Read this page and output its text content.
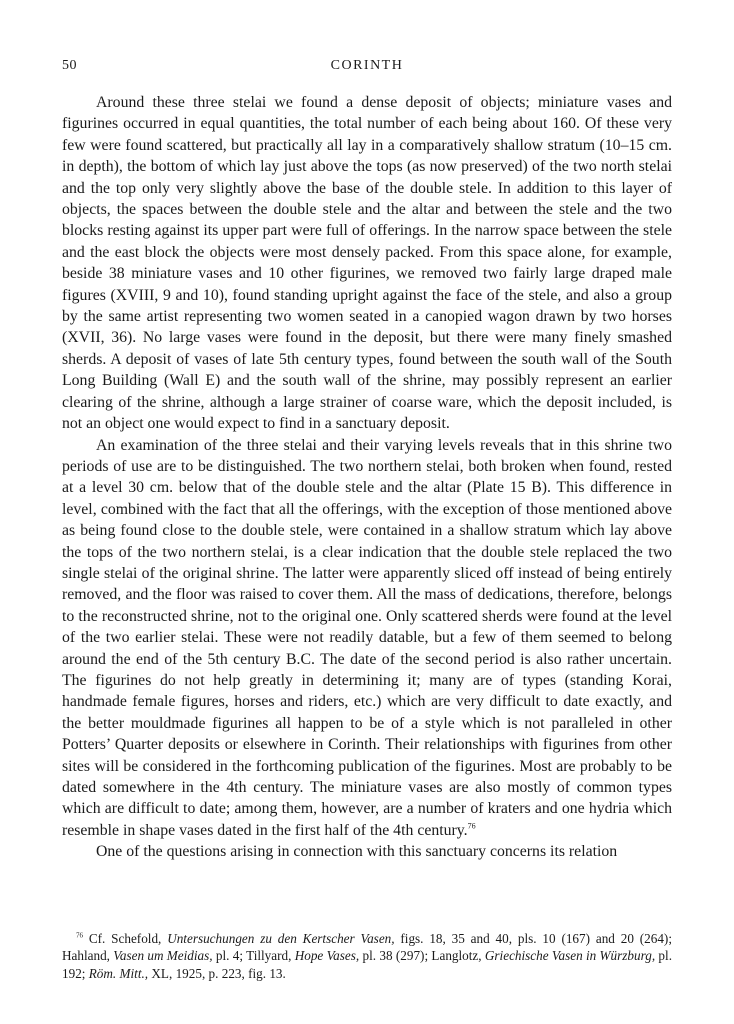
50	CORINTH

Around these three stelai we found a dense deposit of objects; miniature vases and figurines occurred in equal quantities, the total number of each being about 160. Of these very few were found scattered, but practically all lay in a comparatively shallow stratum (10–15 cm. in depth), the bottom of which lay just above the tops (as now preserved) of the two north stelai and the top only very slightly above the base of the double stele. In addition to this layer of objects, the spaces between the double stele and the altar and between the stele and the two blocks resting against its upper part were full of offerings. In the narrow space between the stele and the east block the objects were most densely packed. From this space alone, for example, beside 38 miniature vases and 10 other figurines, we removed two fairly large draped male figures (XVIII, 9 and 10), found standing upright against the face of the stele, and also a group by the same artist representing two women seated in a canopied wagon drawn by two horses (XVII, 36). No large vases were found in the deposit, but there were many finely smashed sherds. A deposit of vases of late 5th century types, found between the south wall of the South Long Building (Wall E) and the south wall of the shrine, may possibly represent an earlier clearing of the shrine, although a large strainer of coarse ware, which the deposit included, is not an object one would expect to find in a sanctuary deposit.

An examination of the three stelai and their varying levels reveals that in this shrine two periods of use are to be distinguished. The two northern stelai, both broken when found, rested at a level 30 cm. below that of the double stele and the altar (Plate 15 B). This difference in level, combined with the fact that all the offerings, with the exception of those mentioned above as being found close to the double stele, were contained in a shallow stratum which lay above the tops of the two northern stelai, is a clear indication that the double stele replaced the two single stelai of the original shrine. The latter were apparently sliced off instead of being entirely removed, and the floor was raised to cover them. All the mass of dedications, therefore, belongs to the reconstructed shrine, not to the original one. Only scattered sherds were found at the level of the two earlier stelai. These were not readily datable, but a few of them seemed to belong around the end of the 5th century B.C. The date of the second period is also rather uncertain. The figurines do not help greatly in determining it; many are of types (standing Korai, handmade female figures, horses and riders, etc.) which are very difficult to date exactly, and the better mouldmade figurines all happen to be of a style which is not paralleled in other Potters’ Quarter deposits or elsewhere in Corinth. Their relationships with figurines from other sites will be considered in the forthcoming publication of the figurines. Most are probably to be dated somewhere in the 4th century. The miniature vases are also mostly of common types which are difficult to date; among them, however, are a number of kraters and one hydria which resemble in shape vases dated in the first half of the 4th century.$^{76}$

One of the questions arising in connection with this sanctuary concerns its relation

$^{76}$ Cf. Schefold, Untersuchungen zu den Kertscher Vasen, figs. 18, 35 and 40, pls. 10 (167) and 20 (264); Hahland, Vasen um Meidias, pl. 4; Tillyard, Hope Vases, pl. 38 (297); Langlotz, Griechische Vasen in Würzburg, pl. 192; Röm. Mitt., XL, 1925, p. 223, fig. 13.
